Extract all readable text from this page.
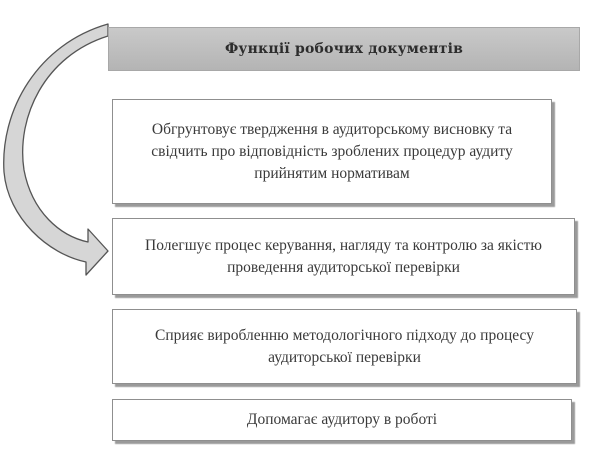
Функції робочих документів
Обгрунтовує твердження в аудиторському висновку та свідчить про відповідність зроблених процедур аудиту прийнятим нормативам
Полегшує процес керування, нагляду та контролю за якістю проведення аудиторської перевірки
Сприяє виробленню методологічного підходу до процесу аудиторської перевірки
Допомагає аудитору в роботі
